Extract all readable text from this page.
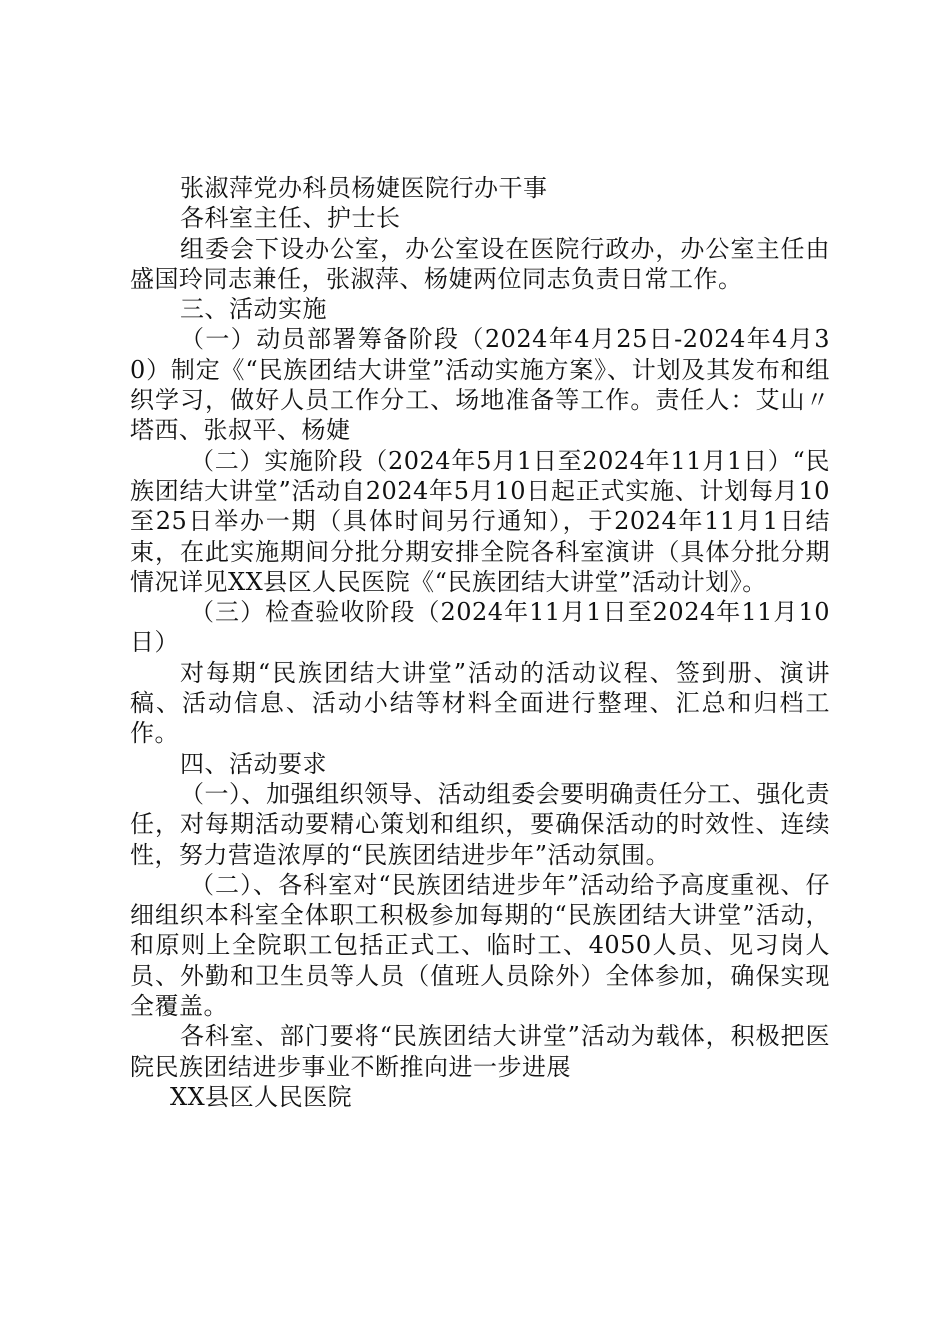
张淑萍党办科员杨婕医院行办干事

各科室主任、护士长

组委会下设办公室，办公室设在医院行政办，办公室主任由盛国玲同志兼任，张淑萍、杨婕两位同志负责日常工作。

三、活动实施

（一）动员部署筹备阶段（2024年4月25日-2024年4月30）制定《“民族团结大讲堂”活动实施方案》、计划及其发布和组织学习，做好人员工作分工、场地准备等工作。责任人：艾山〃塔西、张叔平、杨婕

（二）实施阶段（2024年5月1日至2024年11月1日）“民族团结大讲堂”活动自2024年5月10日起正式实施、计划每月10至25日举办一期（具体时间另行通知），于2024年11月1日结束，在此实施期间分批分期安排全院各科室演讲（具体分批分期情况详见XX县区人民医院《“民族团结大讲堂”活动计划》。

（三）检查验收阶段（2024年11月1日至2024年11月10日）

对每期“民族团结大讲堂”活动的活动议程、签到册、演讲稿、活动信息、活动小结等材料全面进行整理、汇总和归档工作。

四、活动要求

（一）、加强组织领导、活动组委会要明确责任分工、强化责任，对每期活动要精心策划和组织，要确保活动的时效性、连续性，努力营造浓厚的“民族团结进步年”活动氛围。

（二）、各科室对“民族团结进步年”活动给予高度重视、仔细组织本科室全体职工积极参加每期的“民族团结大讲堂”活动，和原则上全院职工包括正式工、临时工、4050人员、见习岗人员、外勤和卫生员等人员（值班人员除外）全体参加，确保实现全覆盖。

各科室、部门要将“民族团结大讲堂”活动为载体，积极把医院民族团结进步事业不断推向进一步进展

XX县区人民医院
